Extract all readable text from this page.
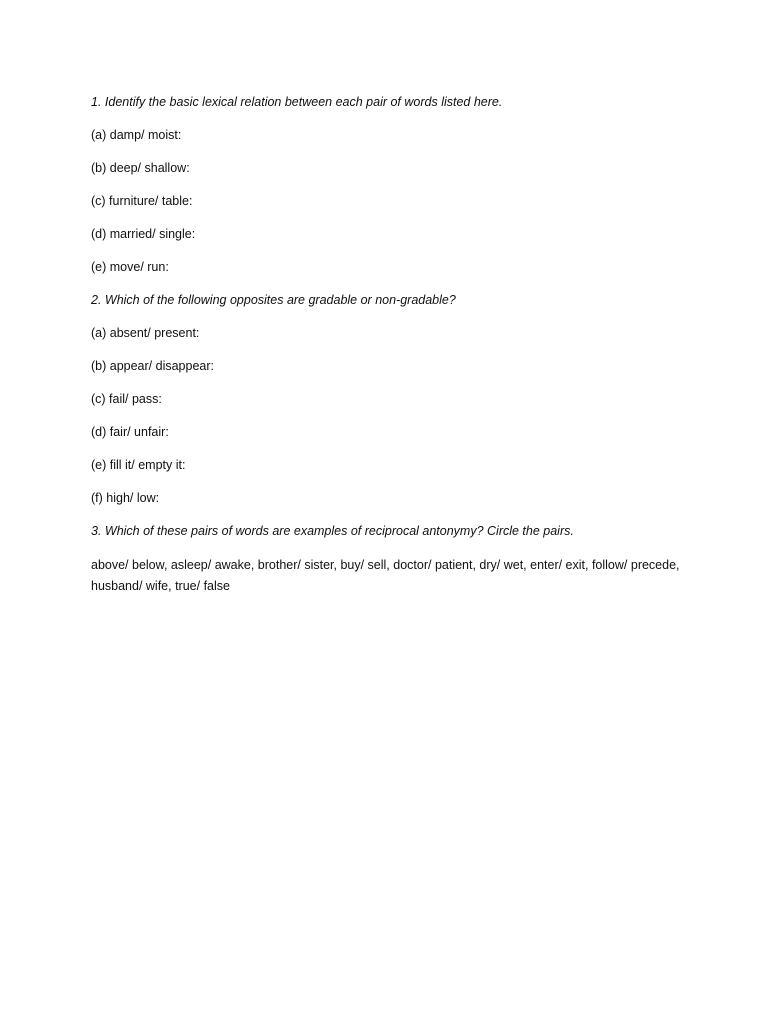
1. Identify the basic lexical relation between each pair of words listed here.

(a) damp/ moist:

(b) deep/ shallow:

(c) furniture/ table:

(d) married/ single:

(e) move/ run:

2. Which of the following opposites are gradable or non-gradable?

(a) absent/ present:

(b) appear/ disappear:

(c) fail/ pass:

(d) fair/ unfair:

(e) fill it/ empty it:

(f) high/ low:

3. Which of these pairs of words are examples of reciprocal antonymy? Circle the pairs.

above/ below, asleep/ awake, brother/ sister, buy/ sell, doctor/ patient, dry/ wet, enter/ exit, follow/ precede, husband/ wife, true/ false
